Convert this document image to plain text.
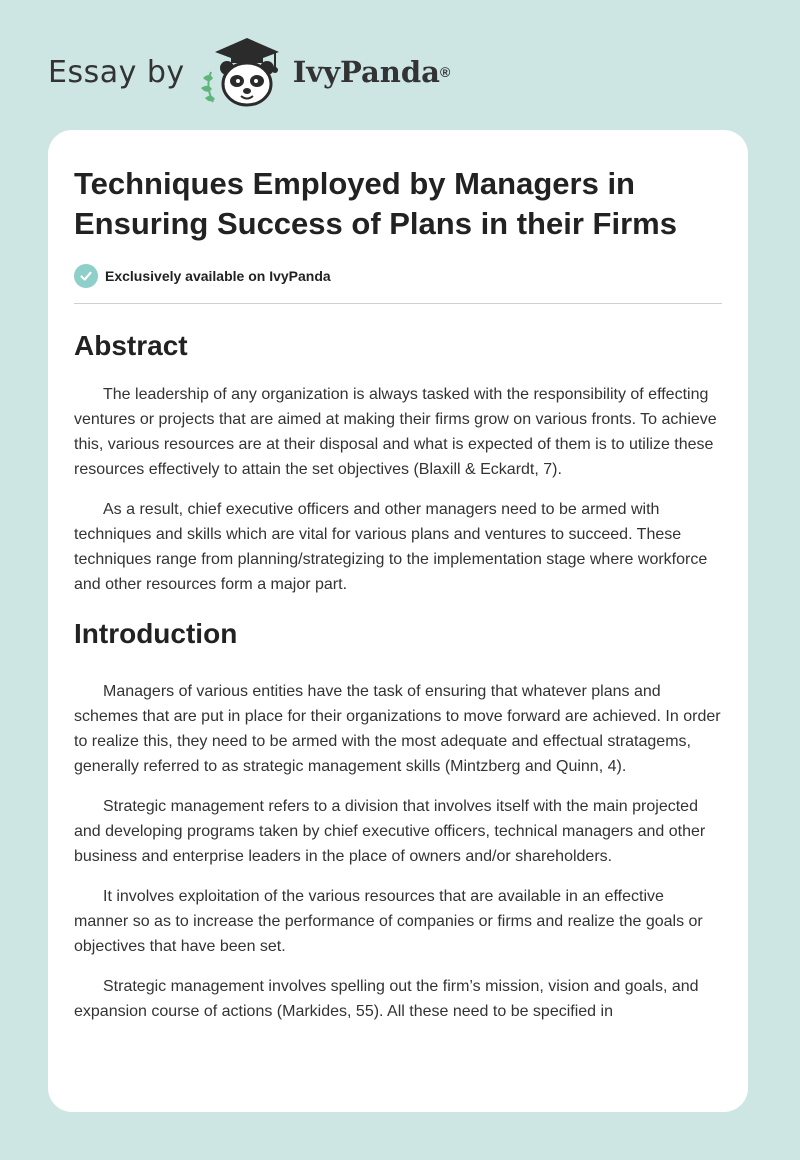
Essay by	IvyPanda ®
Techniques Employed by Managers in Ensuring Success of Plans in their Firms
Exclusively available on IvyPanda
Abstract

The leadership of any organization is always tasked with the responsibility of effecting ventures or projects that are aimed at making their firms grow on various fronts. To achieve this, various resources are at their disposal and what is expected of them is to utilize these resources effectively to attain the set objectives (Blaxill & Eckardt, 7).

As a result, chief executive officers and other managers need to be armed with techniques and skills which are vital for various plans and ventures to succeed. These techniques range from planning/strategizing to the implementation stage where workforce and other resources form a major part.

Introduction

Managers of various entities have the task of ensuring that whatever plans and schemes that are put in place for their organizations to move forward are achieved. In order to realize this, they need to be armed with the most adequate and effectual stratagems, generally referred to as strategic management skills (Mintzberg and Quinn, 4).

Strategic management refers to a division that involves itself with the main projected and developing programs taken by chief executive officers, technical managers and other business and enterprise leaders in the place of owners and/or shareholders.

It involves exploitation of the various resources that are available in an effective manner so as to increase the performance of companies or firms and realize the goals or objectives that have been set.

Strategic management involves spelling out the firm’s mission, vision and goals, and expansion course of actions (Markides, 55). All these need to be specified in
